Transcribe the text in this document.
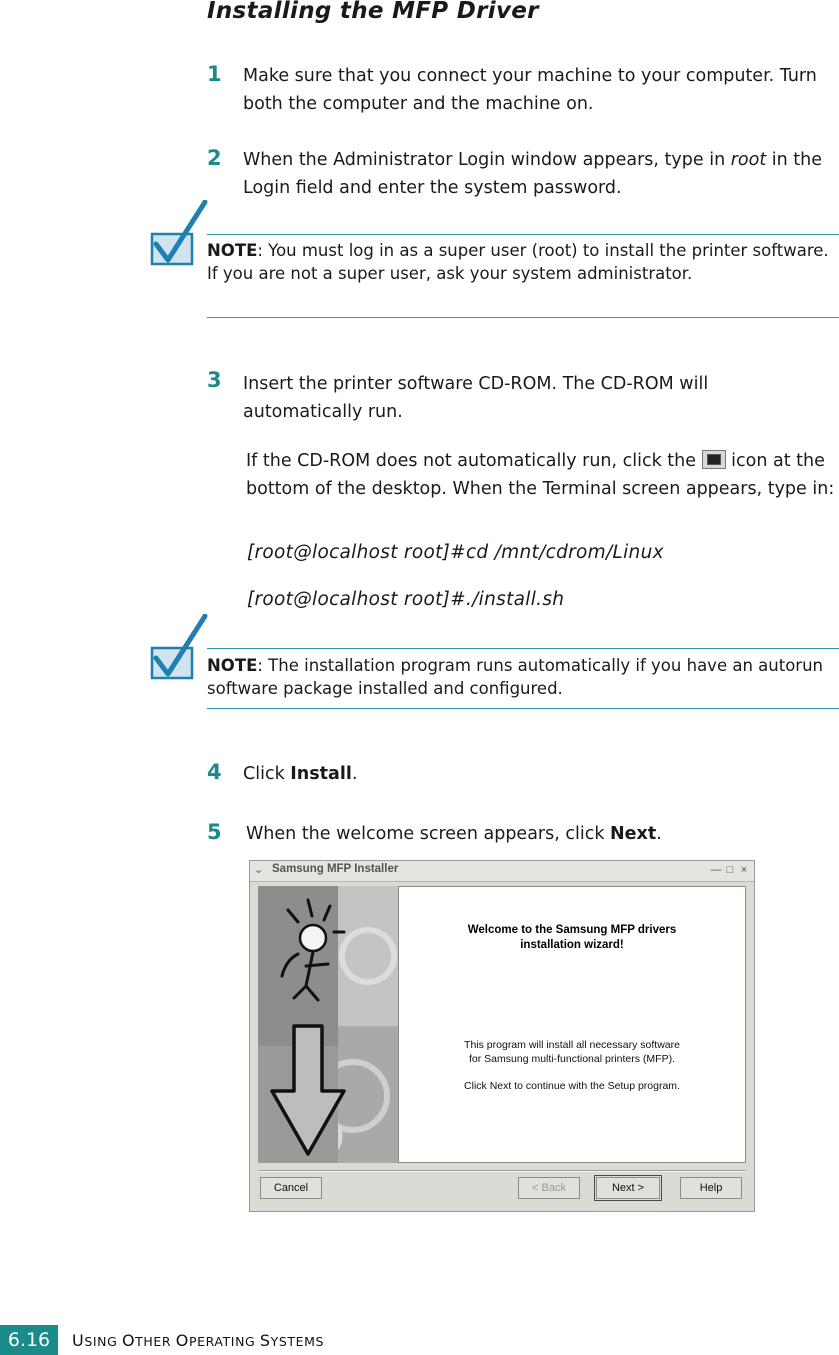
Installing the MFP Driver
1 Make sure that you connect your machine to your computer. Turn both the computer and the machine on.
2 When the Administrator Login window appears, type in root in the Login field and enter the system password.
NOTE: You must log in as a super user (root) to install the printer software. If you are not a super user, ask your system administrator.
3 Insert the printer software CD-ROM. The CD-ROM will automatically run.
If the CD-ROM does not automatically run, click the icon at the bottom of the desktop. When the Terminal screen appears, type in:
[root@localhost root]#cd /mnt/cdrom/Linux
[root@localhost root]#./install.sh
NOTE: The installation program runs automatically if you have an autorun software package installed and configured.
4 Click Install.
5 When the welcome screen appears, click Next.
⌄ Samsung MFP Installer	— □ ×
Welcome to the Samsung MFP drivers
installation wizard!
This program will install all necessary software
for Samsung multi-functional printers (MFP).
Click Next to continue with the Setup program.
Cancel	< Back	Next >	Help
6.16	USING OTHER OPERATING SYSTEMS
